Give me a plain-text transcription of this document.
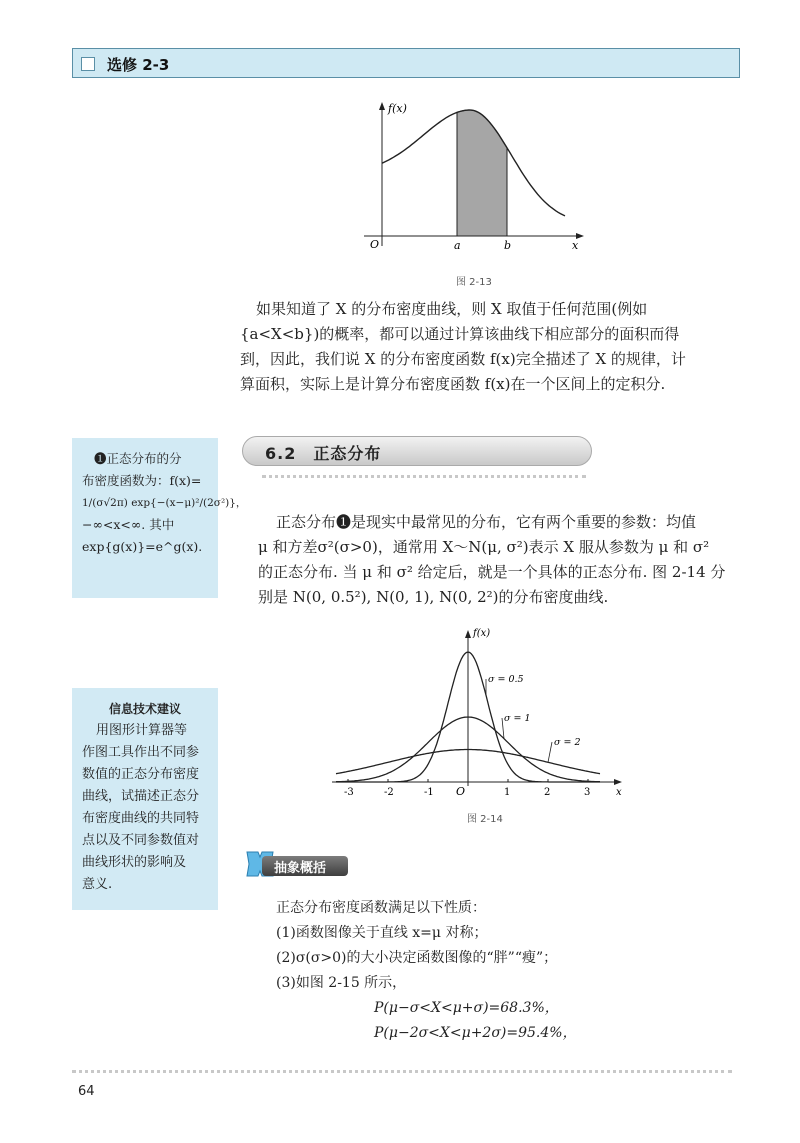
选修 2-3
f(x)
x
O	a	b
图 2-13
如果知道了 X 的分布密度曲线，则 X 取值于任何范围(例如
{a<X<b})的概率，都可以通过计算该曲线下相应部分的面积而得
到，因此，我们说 X 的分布密度函数 f(x)完全描述了 X 的规律，计
算面积，实际上是计算分布密度函数 f(x)在一个区间上的定积分.
❶正态分布的分
布密度函数为：f(x)=
1/(σ√2π) exp{−(x−μ)²/(2σ²)}，
−∞<x<∞. 其中
exp{g(x)}=e^g(x).
6.2　正态分布
正态分布❶是现实中最常见的分布，它有两个重要的参数：均值
μ 和方差σ²(σ>0)，通常用 X～N(μ, σ²)表示 X 服从参数为 μ 和 σ²
的正态分布. 当 μ 和 σ² 给定后，就是一个具体的正态分布. 图 2-14 分
别是 N(0, 0.5²), N(0, 1), N(0, 2²)的分布密度曲线.
信息技术建议
用图形计算器等
作图工具作出不同参
数值的正态分布密度
曲线，试描述正态分
布密度曲线的共同特
点以及不同参数值对
曲线形状的影响及
意义.
-3	-2	-1	1	2	3
O	x
f(x)
σ = 0.5
σ = 1
σ = 2
图 2-14
抽象概括
正态分布密度函数满足以下性质：
(1)函数图像关于直线 x=μ 对称；
(2)σ(σ>0)的大小决定函数图像的“胖”“瘦”；
(3)如图 2-15 所示，
P(μ−σ<X<μ+σ)=68.3%，
P(μ−2σ<X<μ+2σ)=95.4%，
64
